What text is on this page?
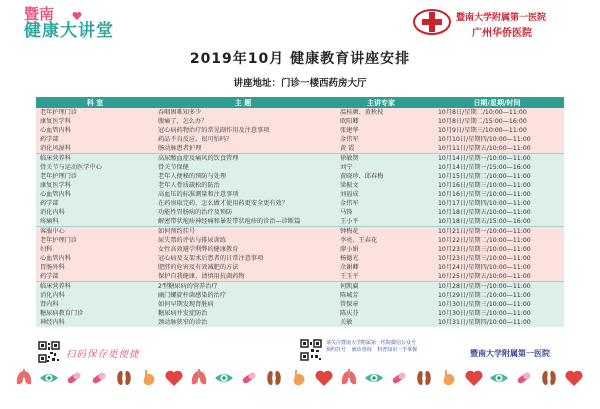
暨南
健康大讲堂
暨南大学附属第一医院
广州华侨医院
2019年10月 健康教育讲座安排
讲座地址：门诊一楼西药房大厅
科 室	主 题	主讲专家	日期/星期/时间
老年护理门诊	吞咽困难知多少	温桂颜、黄秋枝	10月8日/星期二/10:00—11:00
康复医学科	腹痛了，怎么办？	欧阳卿	10月8日/星期二/15:00—16:00
心血管内科	冠心病药物治疗的常见副作用及注意事项	张建华	10月9日/星期三/10:00—11:00
药学部	药品不良反应，很可怕吗？	金伟军	10月10日/星期四/10:00—11:00
消化风湿科	肠动脉患者护理	黄 霞	10月11日/星期五/10:00—11:00
临床营养科	高尿酸血症及痛风的饮食管理	徐敏贤	10月14日/星期一/10:00—11:00
骨关节与运动医学中心	骨关节保健	刘宁	10月14日/星期一/15:00—16:00
老年护理门诊	老年人便秘的预防与处理	黄晓珍、邱春梅	10月15日/星期二/10:00—11:00
康复医学科	老年人骨质疏松的防治	梁振文	10月16日/星期三/10:00—11:00
心血管内科	高血压的标准测量和注意事项	刘福成	10月16日/星期三/10:00—11:00
药学部	在药房取完药，怎么做才使用药更安全更有效？	金伟军	10月17日/星期四/10:00—11:00
消化内科	功能性胃肠病的治疗及预防	马锋	10月18日/星期五/10:00—11:00
疼痛科	解密带状疱疹神经痛和暴发带状疱疹的诊治—诊断篇	王小平	10月18日/星期五/15:00—16:00
客服中心	如何预约挂号	钟梅花	10月21日/星期一/10:00—11:00
老年护理门诊	尿失禁的评估与排尿训练	李亮、王春花	10月22日/星期二/10:00—11:00
妇科	女性高效避孕利弊的健康教育	廖小娟	10月23日/星期三/10:00—11:00
心血管内科	冠心病及支架术后患者的日常注意事项	杨德光	10月23日/星期三/10:00—11:00
胃肠外科	肥胖的危害及有效减肥的方法	余谢卿	10月24日/星期四/10:00—11:00
药学部	保护自我健康，请慎用抗菌药物	王玉平	10月25日/星期五/10:00—11:00
临床营养科	2型糖尿病的营养治疗	何凯赢	10月28日/星期一/10:00—11:00
消化内科	幽门螺旋杆菌感染的治疗	陈城芳	10月29日/星期二/10:00—11:00
肾内科	如何早期发现肾脏病	管保章	10月30日/星期三/10:00—11:00
糖尿病教育门诊	糖尿病并发症防治	陈庆芬	10月30日/星期三/10:00—11:00
神经内科	颈动脉狭窄的诊治	关敏	10月31日/星期四/10:00—11:00
扫码保存更便捷
请关注暨南大学附属第一医院微信公众号
预约挂号 就诊查询 科普知识一手掌握	暨南大学附属第一医院
